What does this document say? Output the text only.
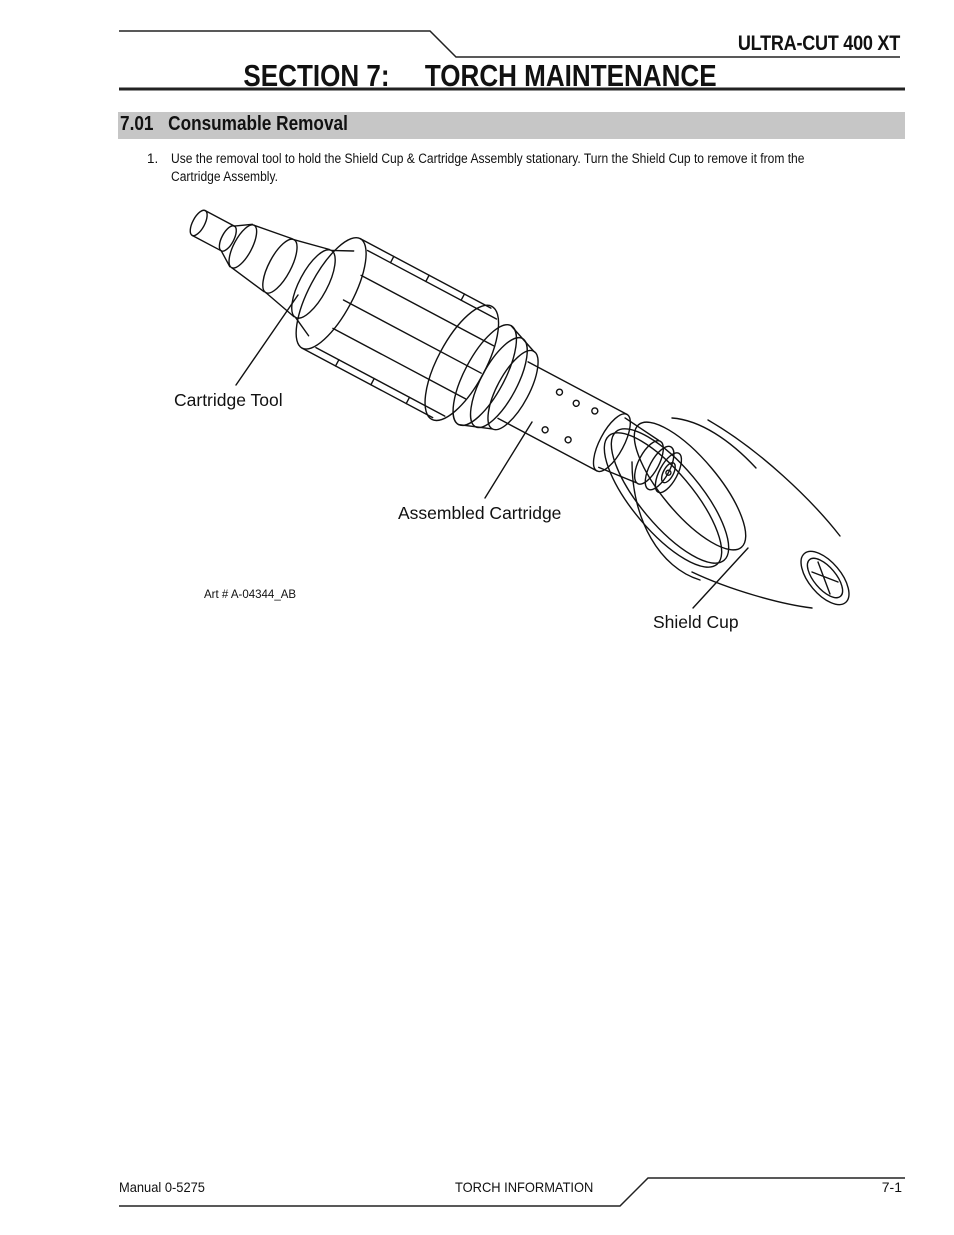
ULTRA-CUT 400 XT
SECTION 7: TORCH MAINTENANCE
7.01 Consumable Removal
1. Use the removal tool to hold the Shield Cup & Cartridge Assembly stationary. Turn the Shield Cup to remove it from the Cartridge Assembly.
Cartridge Tool
Assembled Cartridge
Shield Cup
Art # A-04344_AB
Manual 0-5275	TORCH INFORMATION	7-1
